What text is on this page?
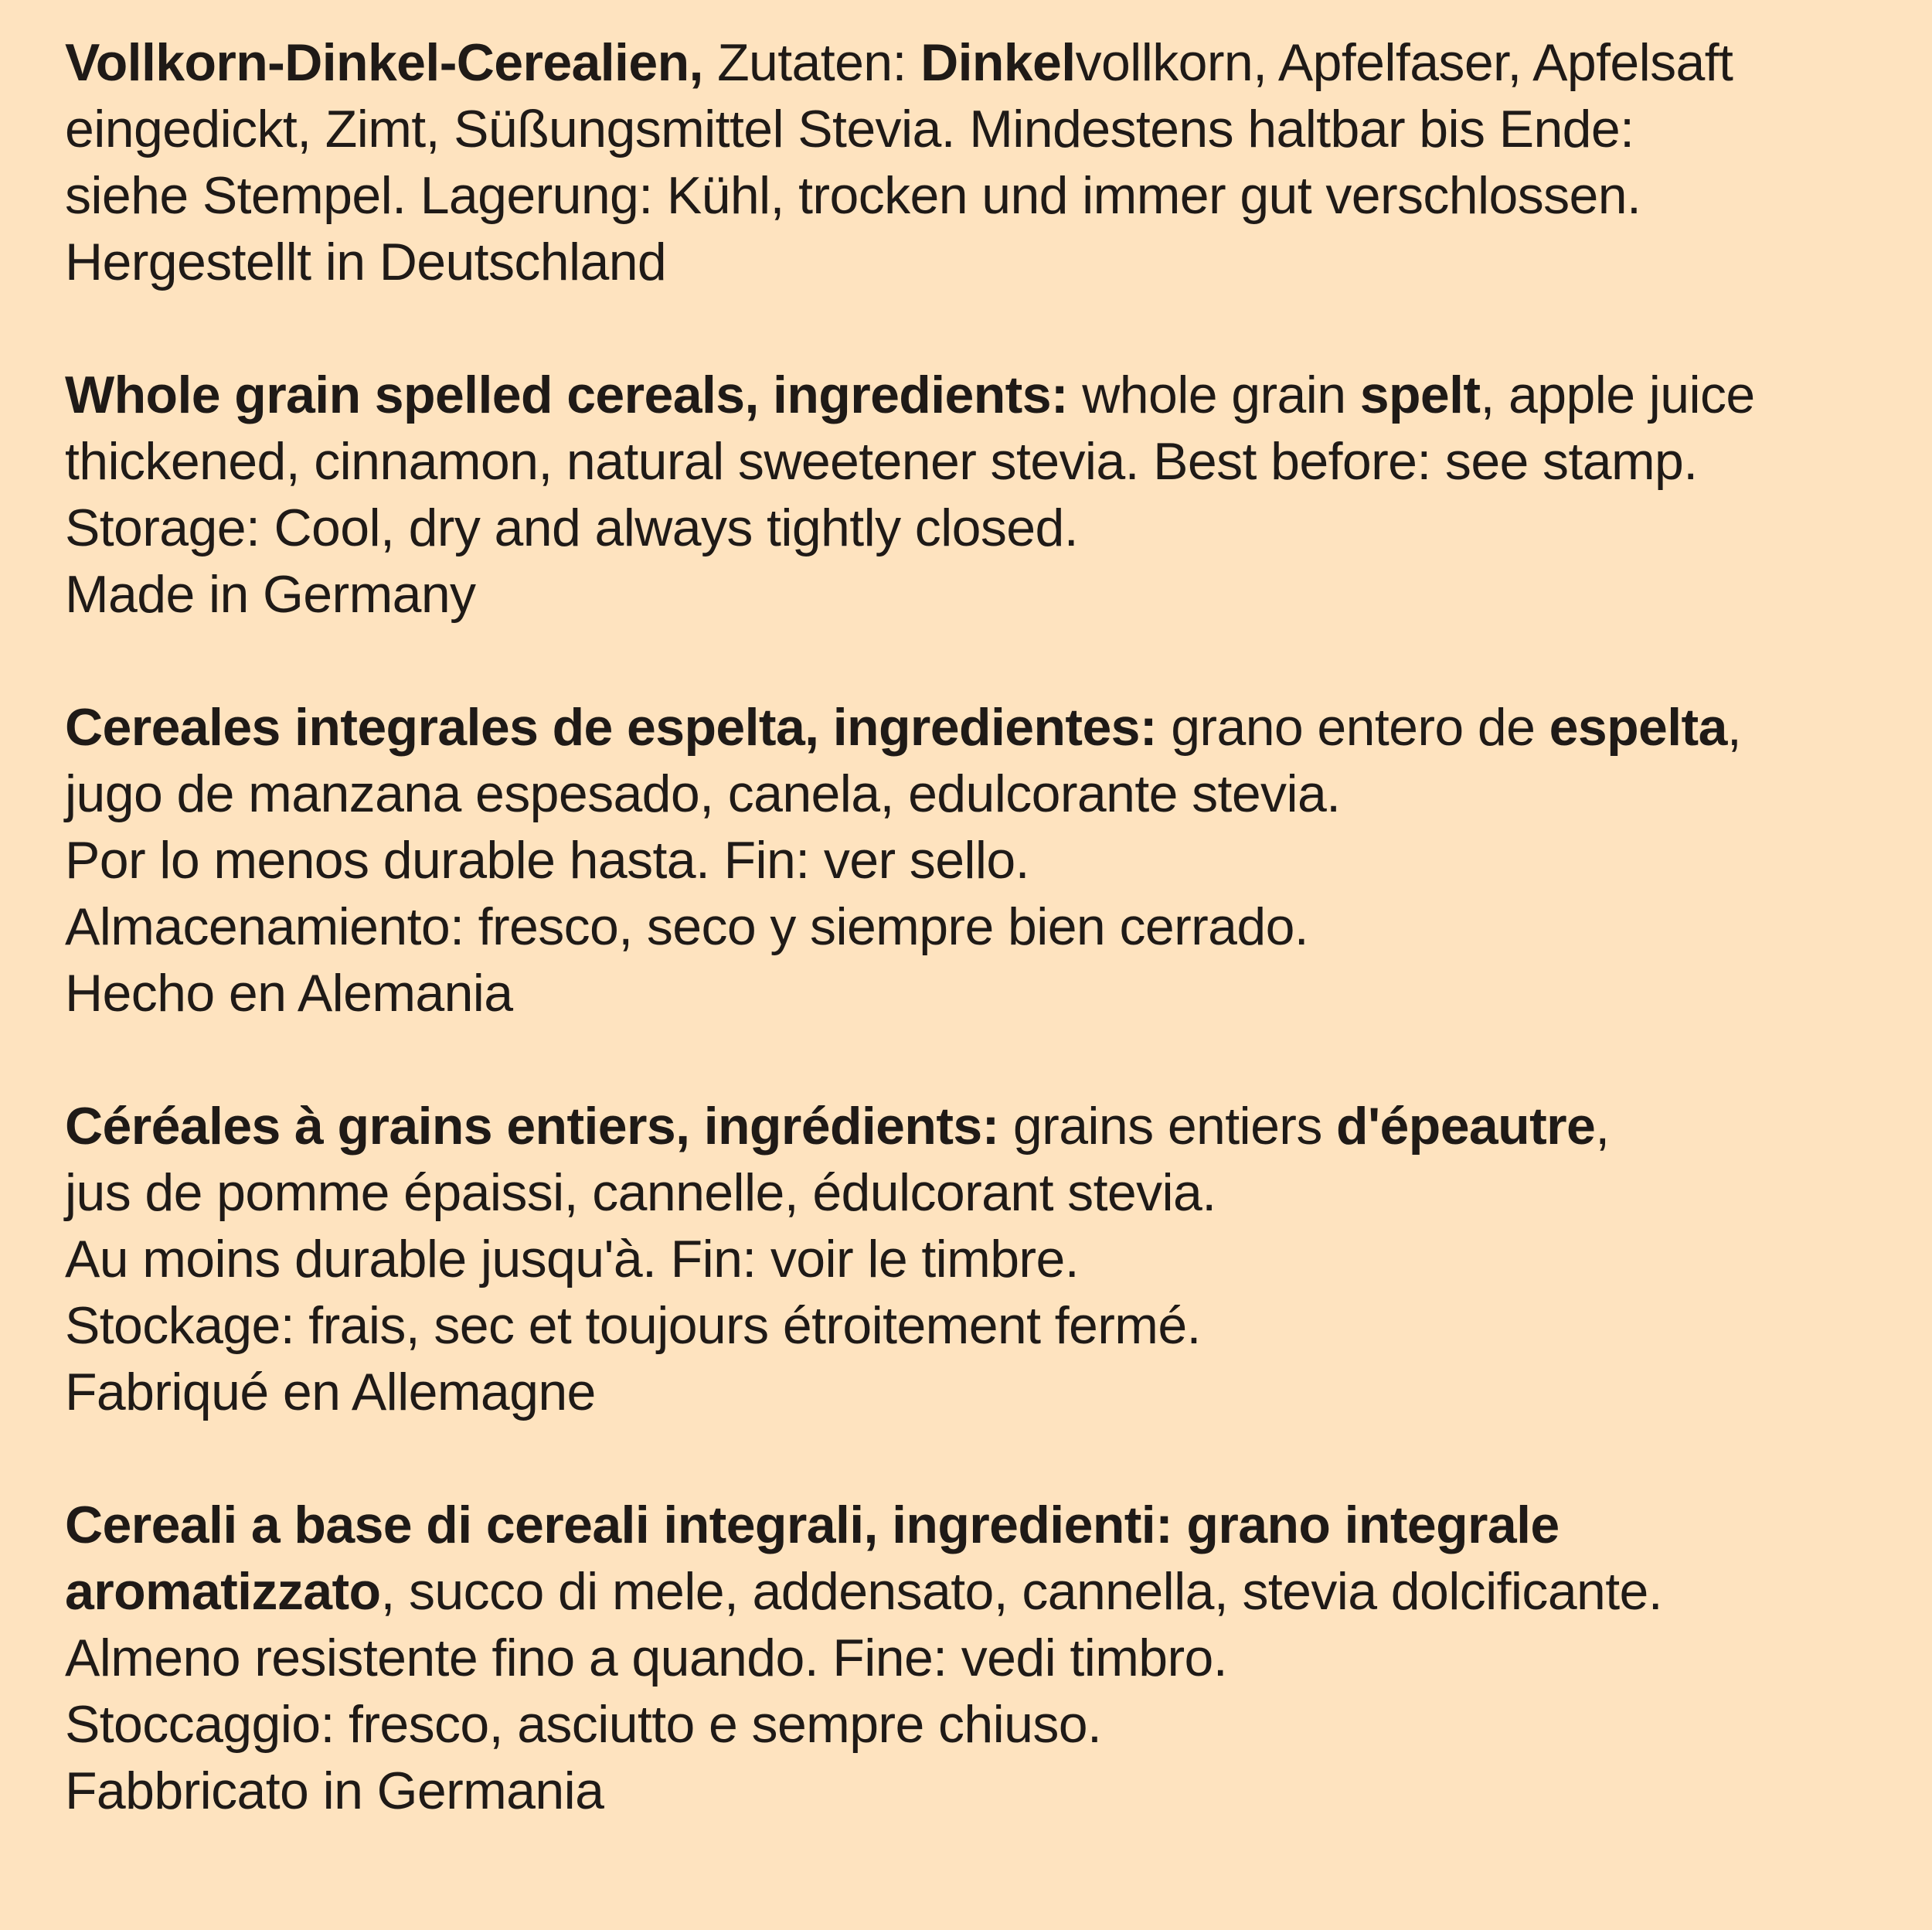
Vollkorn-Dinkel-Cerealien, Zutaten: Dinkelvollkorn, Apfelfaser, Apfelsaft
eingedickt, Zimt, Süßungsmittel Stevia. Mindestens haltbar bis Ende:
siehe Stempel. Lagerung: Kühl, trocken und immer gut verschlossen.
Hergestellt in Deutschland
Whole grain spelled cereals, ingredients: whole grain spelt, apple juice
thickened, cinnamon, natural sweetener stevia. Best before: see stamp.
Storage: Cool, dry and always tightly closed.
Made in Germany
Cereales integrales de espelta, ingredientes: grano entero de espelta,
jugo de manzana espesado, canela, edulcorante stevia.
Por lo menos durable hasta. Fin: ver sello.
Almacenamiento: fresco, seco y siempre bien cerrado.
Hecho en Alemania
Céréales à grains entiers, ingrédients: grains entiers d'épeautre,
jus de pomme épaissi, cannelle, édulcorant stevia.
Au moins durable jusqu'à. Fin: voir le timbre.
Stockage: frais, sec et toujours étroitement fermé.
Fabriqué en Allemagne
Cereali a base di cereali integrali, ingredienti: grano integrale
aromatizzato, succo di mele, addensato, cannella, stevia dolcificante.
Almeno resistente fino a quando. Fine: vedi timbro.
Stoccaggio: fresco, asciutto e sempre chiuso.
Fabbricato in Germania
